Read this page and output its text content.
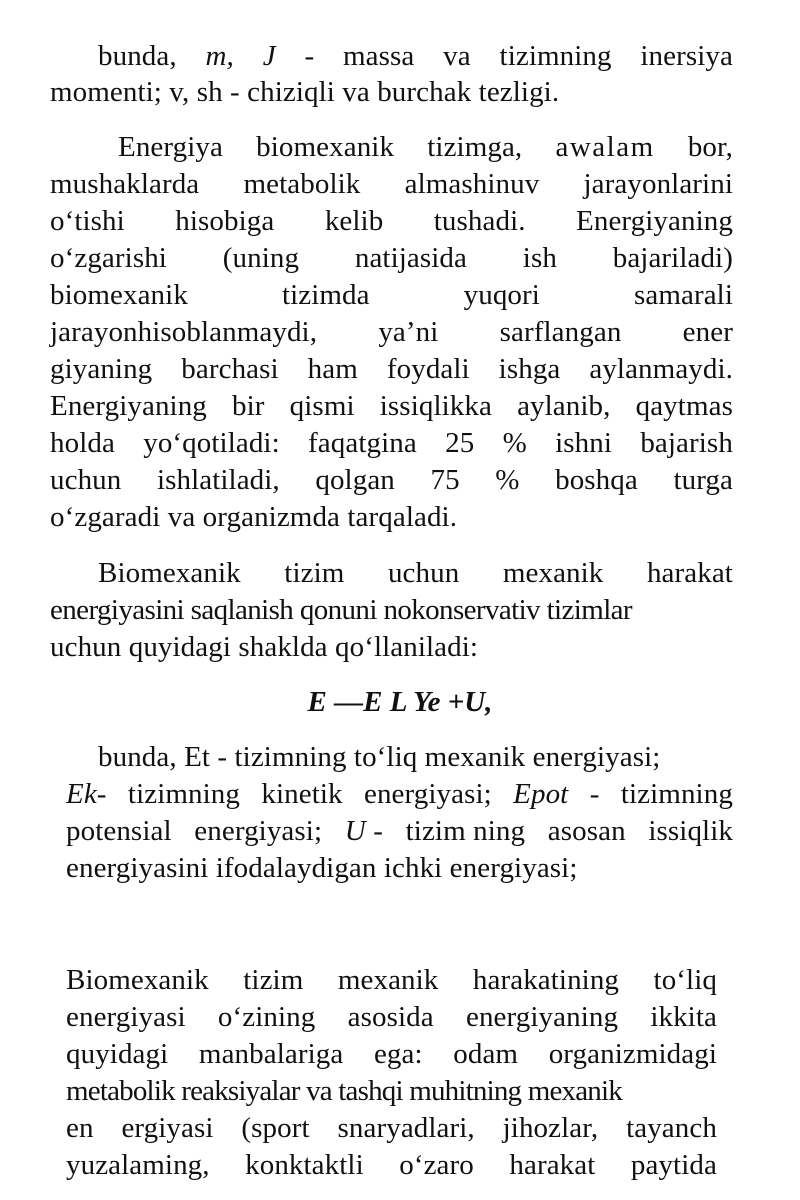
bunda, m, J - massa va tizimning inersiya
momenti; v, sh - chiziqli va burchak tezligi.
Energiya biomexanik tizimga, awalam bor,
mushaklarda metabolik almashinuv jarayonlarini
o‘tishi hisobiga kelib tushadi. Energiyaning
o‘zgarishi (uning natijasida ish bajariladi)
biomexanik	tizimda	yuqori	samarali
jarayonhisoblanmaydi, ya’ni sarflangan ener
giyaning barchasi ham foydali ishga aylanmaydi.
Energiyaning bir qismi issiqlikka aylanib, qaytmas
holda yo‘qotiladi: faqatgina 25 % ishni bajarish
uchun ishlatiladi, qolgan 75 % boshqa turga
o‘zgaradi va organizmda tarqaladi.
Biomexanik tizim uchun mexanik harakat
energiyasini saqlanish qonuni nokonservativ tizimlar
uchun quyidagi shaklda qo‘llaniladi:
E —E L Ye +U,
bunda, Et - tizimning to‘liq mexanik energiyasi;
Ek- tizimning kinetik energiyasi; Epot - tizimning
potensial energiyasi; U - tizim ning asosan issiqlik
energiyasini ifodalaydigan ichki energiyasi;
Biomexanik tizim mexanik harakatining to‘liq
energiyasi o‘zining asosida energiyaning ikkita
quyidagi manbalariga ega: odam organizmidagi
metabolik reaksiyalar va tashqi muhitning mexanik
en ergiyasi (sport snaryadlari, jihozlar, tayanch
yuzalaming, konktaktli o‘zaro harakat paytida
